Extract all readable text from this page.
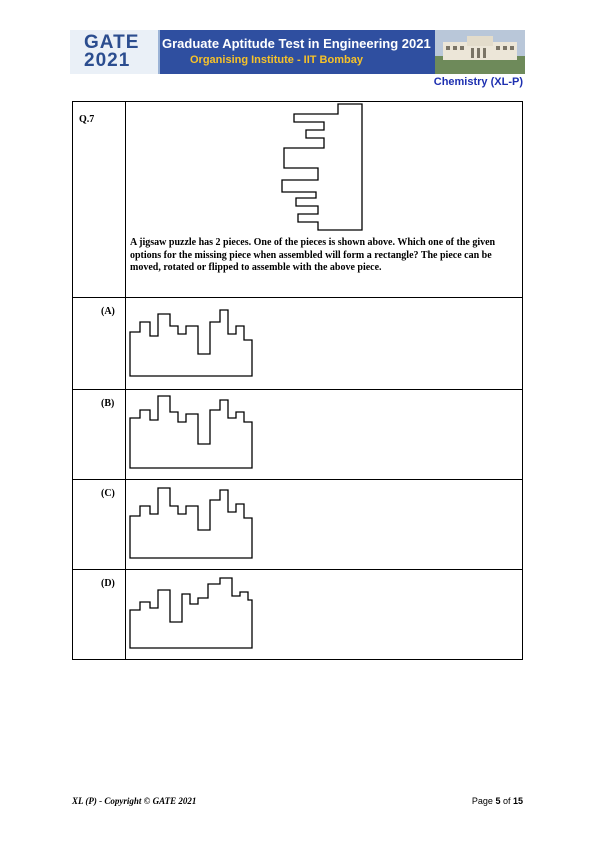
GATE
2021
Graduate Aptitude Test in Engineering 2021
Organising Institute - IIT Bombay
Chemistry (XL-P)
Q.7	A jigsaw puzzle has 2 pieces. One of the pieces is shown above. Which one of the given options for the missing piece when assembled will form a rectangle? The piece can be moved, rotated or flipped to assemble with the above piece.

(A)

(B)

(C)

(D)

XL (P) - Copyright © GATE 2021	Page 5 of 15
